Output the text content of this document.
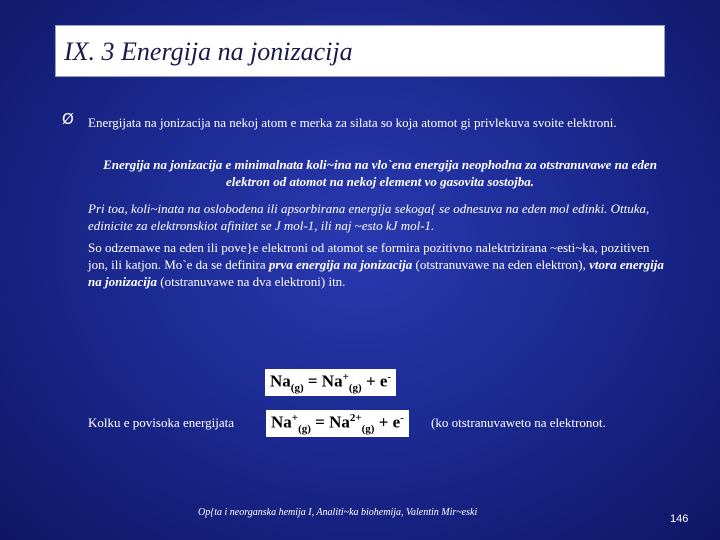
IX. 3 Energija na jonizacija
Ø Energijata na jonizacija na nekoj atom e merka za silata so koja atomot gi privlekuva svoite elektroni.
Energija na jonizacija e minimalnata koli~ina na vlo`ena energija neophodna za otstranuvawe na eden elektron od atomot na nekoj element vo gasovita sostojba.
Pri toa, koli~inata na oslobodena ili apsorbirana energija sekoga{ se odnesuva na eden mol edinki. Ottuka, edinicite za elektronskiot afinitet se J mol-1, ili naj ~esto kJ mol-1.
So odzemawe na eden ili pove}e elektroni od atomot se formira pozitivno nalektrizirana ~esti~ka, pozitiven jon, ili katjon. Mo`e da se definira prva energija na jonizacija (otstranuvawe na eden elektron), vtora energija na jonizacija (otstranuvawe na dva elektroni) itn.
$Na_{(g)} = Na^+_{(g)} + e^-$
Kolku e povisoka energijata	(ko otstranuvaweto na elektronot.
$Na^+_{(g)} = Na^{2+}_{(g)} + e^-$
Op{ta i neorganska hemija I, Analiti~ka biohemija, Valentin Mir~eski
146
